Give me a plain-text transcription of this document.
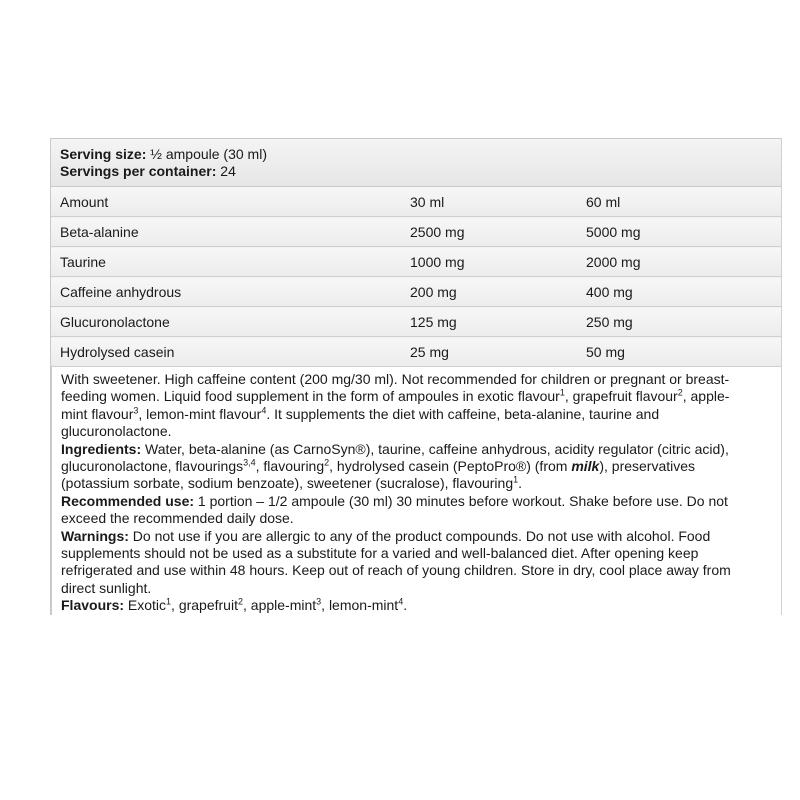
Serving size: ½ ampoule (30 ml)
Servings per container: 24
Amount	30 ml	60 ml
Beta-alanine	2500 mg	5000 mg
Taurine	1000 mg	2000 mg
Caffeine anhydrous	200 mg	400 mg
Glucuronolactone	125 mg	250 mg
Hydrolysed casein	25 mg	50 mg

With sweetener. High caffeine content (200 mg/30 ml). Not recommended for children or pregnant or breast-feeding women. Liquid food supplement in the form of ampoules in exotic flavour$^1$, grapefruit flavour$^2$, apple-mint flavour$^3$, lemon-mint flavour$^4$. It supplements the diet with caffeine, beta-alanine, taurine and glucuronolactone.

Ingredients: Water, beta-alanine (as CarnoSyn®), taurine, caffeine anhydrous, acidity regulator (citric acid), glucuronolactone, flavourings$^{3,4}$, flavouring$^2$, hydrolysed casein (PeptoPro®) (from milk), preservatives (potassium sorbate, sodium benzoate), sweetener (sucralose), flavouring$^1$.

Recommended use: 1 portion – 1/2 ampoule (30 ml) 30 minutes before workout. Shake before use. Do not exceed the recommended daily dose.

Warnings: Do not use if you are allergic to any of the product compounds. Do not use with alcohol. Food supplements should not be used as a substitute for a varied and well-balanced diet. After opening keep refrigerated and use within 48 hours. Keep out of reach of young children. Store in dry, cool place away from direct sunlight.

Flavours: Exotic$^1$, grapefruit$^2$, apple-mint$^3$, lemon-mint$^4$.
